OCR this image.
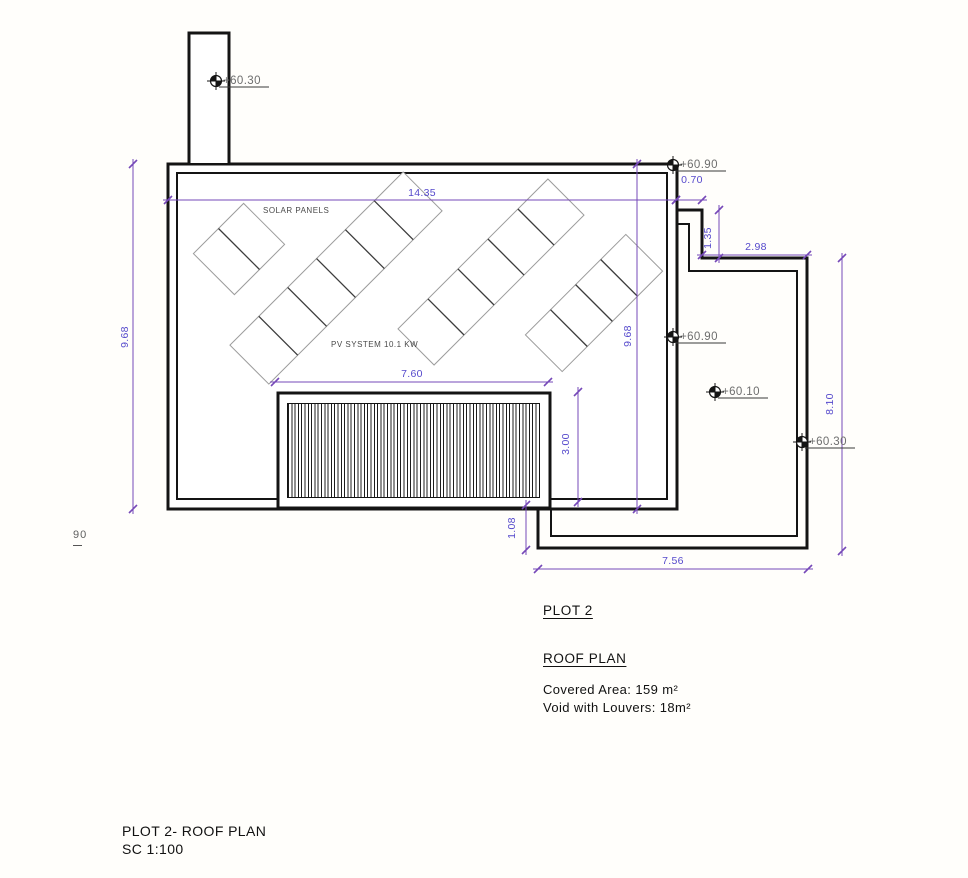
14.35
0.70
9.68	9.68
7.60
3.00
1.08
7.56
8.10
2.98
1.35
+60.30
+60.90
+60.90
+60.10
+60.30
SOLAR PANELS
PV SYSTEM 10.1 KW
90
PLOT 2
ROOF PLAN
Covered Area: 159 m²
Void with Louvers: 18m²
PLOT 2- ROOF PLAN
SC 1:100
